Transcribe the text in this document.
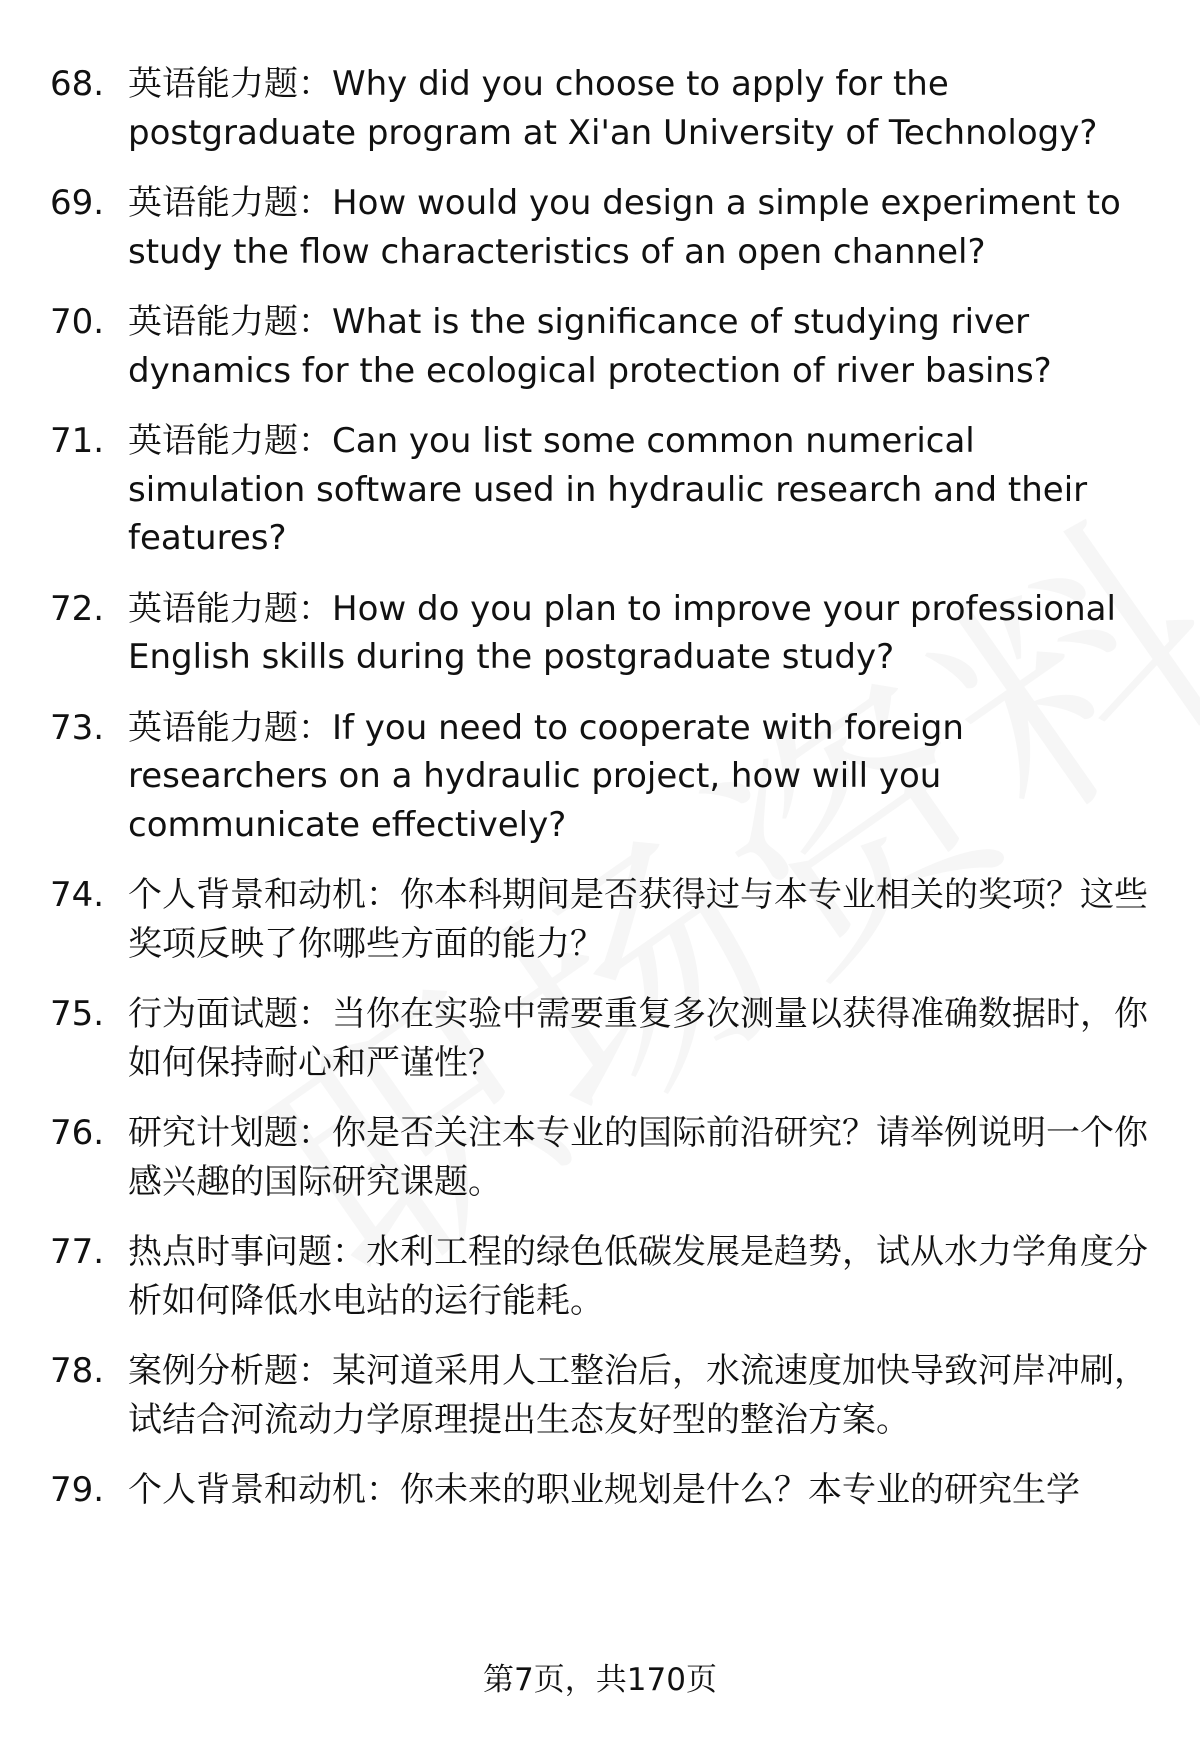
68. 英语能力题：Why did you choose to apply for the postgraduate program at Xi'an University of Technology?
69. 英语能力题：How would you design a simple experiment to study the flow characteristics of an open channel?
70. 英语能力题：What is the significance of studying river dynamics for the ecological protection of river basins?
71. 英语能力题：Can you list some common numerical simulation software used in hydraulic research and their features?
72. 英语能力题：How do you plan to improve your professional English skills during the postgraduate study?
73. 英语能力题：If you need to cooperate with foreign researchers on a hydraulic project, how will you communicate effectively?
74. 个人背景和动机：你本科期间是否获得过与本专业相关的奖项？这些奖项反映了你哪些方面的能力？
75. 行为面试题：当你在实验中需要重复多次测量以获得准确数据时，你如何保持耐心和严谨性？
76. 研究计划题：你是否关注本专业的国际前沿研究？请举例说明一个你感兴趣的国际研究课题。
77. 热点时事问题：水利工程的绿色低碳发展是趋势，试从水力学角度分析如何降低水电站的运行能耗。
78. 案例分析题：某河道采用人工整治后，水流速度加快导致河岸冲刷，试结合河流动力学原理提出生态友好型的整治方案。
79. 个人背景和动机：你未来的职业规划是什么？本专业的研究生学
第7页，共170页
